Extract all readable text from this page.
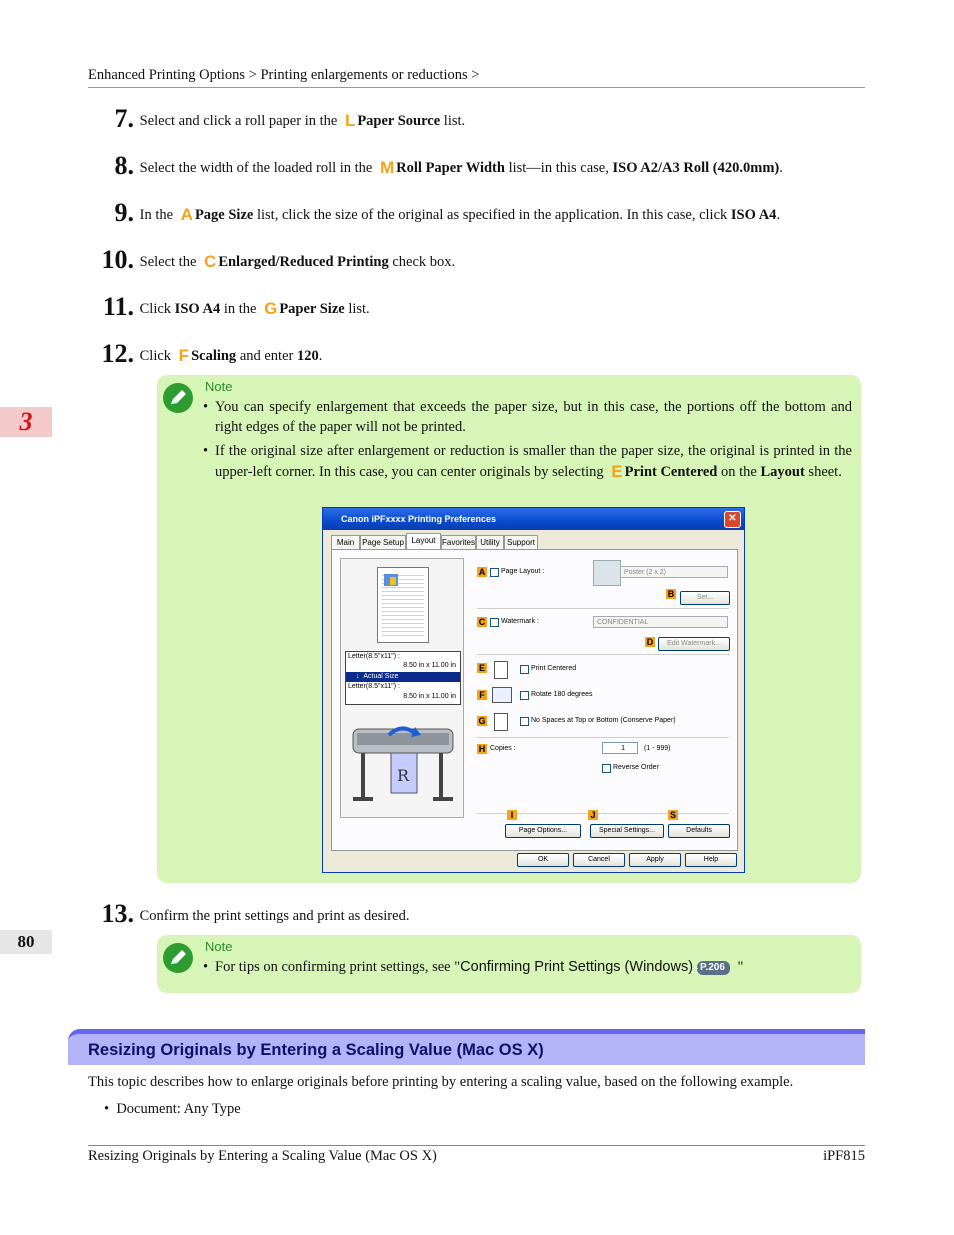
Enhanced Printing Options > Printing enlargements or reductions >
7. Select and click a roll paper in the L Paper Source list.
8. Select the width of the loaded roll in the M Roll Paper Width list—in this case, ISO A2/A3 Roll (420.0mm).
9. In the A Page Size list, click the size of the original as specified in the application. In this case, click ISO A4.
10. Select the C Enlarged/Reduced Printing check box.
11. Click ISO A4 in the G Paper Size list.
12. Click F Scaling and enter 120.
3
Note
• You can specify enlargement that exceeds the paper size, but in this case, the portions off the bottom and right edges of the paper will not be printed.
• If the original size after enlargement or reduction is smaller than the paper size, the original is printed in the upper-left corner. In this case, you can center originals by selecting E Print Centered on the Layout sheet.
Canon iPFxxxx Printing Preferences	✕
Main Page Setup Layout Favorites Utility Support
Letter(8.5"x11") :
8.50 in x 11.00 in
↓  Actual Size
Letter(8.5"x11") :
8.50 in x 11.00 in
R
A Page Layout :	Poster (2 x 2)
B	Set...
C Watermark :	CONFIDENTIAL
D	Edit Watermark...
E	Print Centered
F	Rotate 180 degrees
G	No Spaces at Top or Bottom (Conserve Paper)
H Copies :	1	(1 - 999)
Reverse Order
I	J	S
Page Options...	Special Settings...	Defaults
OK	Cancel	Apply	Help
13. Confirm the print settings and print as desired.
80	Note
• For tips on confirming print settings, see "Confirming Print Settings (Windows)→P.206 "
Resizing Originals by Entering a Scaling Value (Mac OS X)
This topic describes how to enlarge originals before printing by entering a scaling value, based on the following example.
•  Document: Any Type
Resizing Originals by Entering a Scaling Value (Mac OS X)	iPF815
